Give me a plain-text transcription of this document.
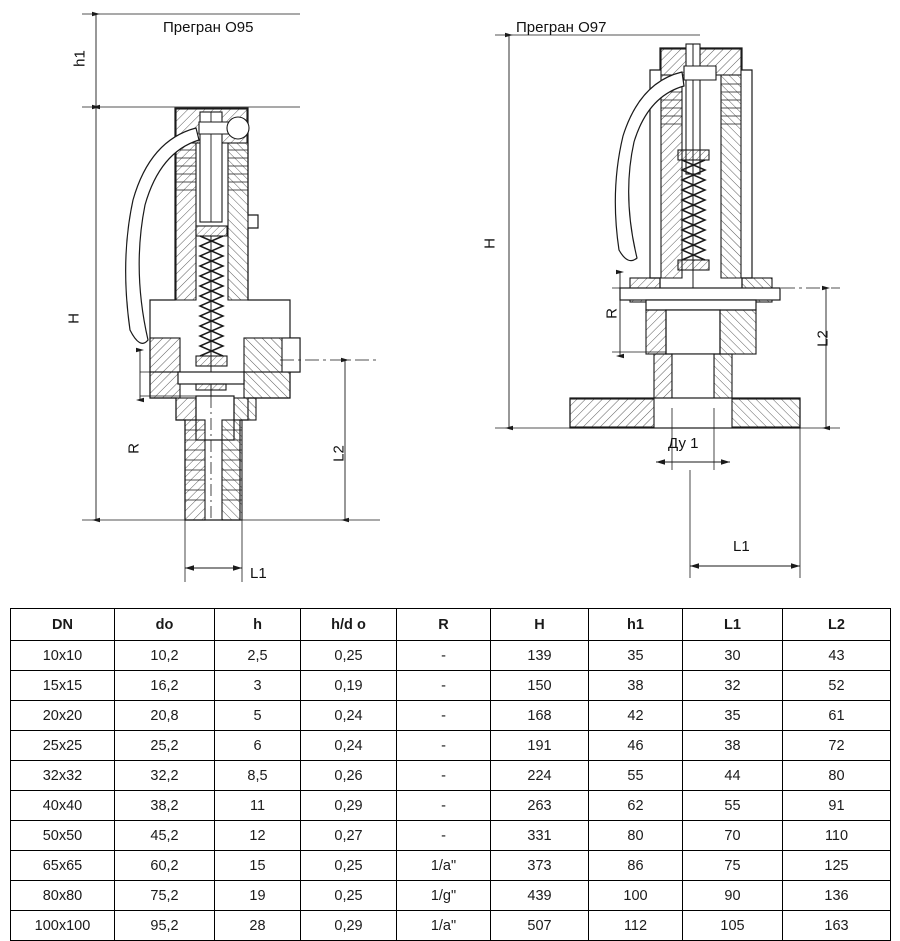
Прегран О95	Прегран О97
h1
H
R	L2
L1
H
R
L2
Ду 1
L1
DN	do	h	h/d o	R	H	h1	L1	L2
10x10	10,2	2,5	0,25	-	139	35	30	43
15x15	16,2	3	0,19	-	150	38	32	52
20x20	20,8	5	0,24	-	168	42	35	61
25x25	25,2	6	0,24	-	191	46	38	72
32x32	32,2	8,5	0,26	-	224	55	44	80
40x40	38,2	11	0,29	-	263	62	55	91
50x50	45,2	12	0,27	-	331	80	70	110
65x65	60,2	15	0,25	1/a"	373	86	75	125
80x80	75,2	19	0,25	1/g"	439	100	90	136
100x100	95,2	28	0,29	1/a"	507	112	105	163
